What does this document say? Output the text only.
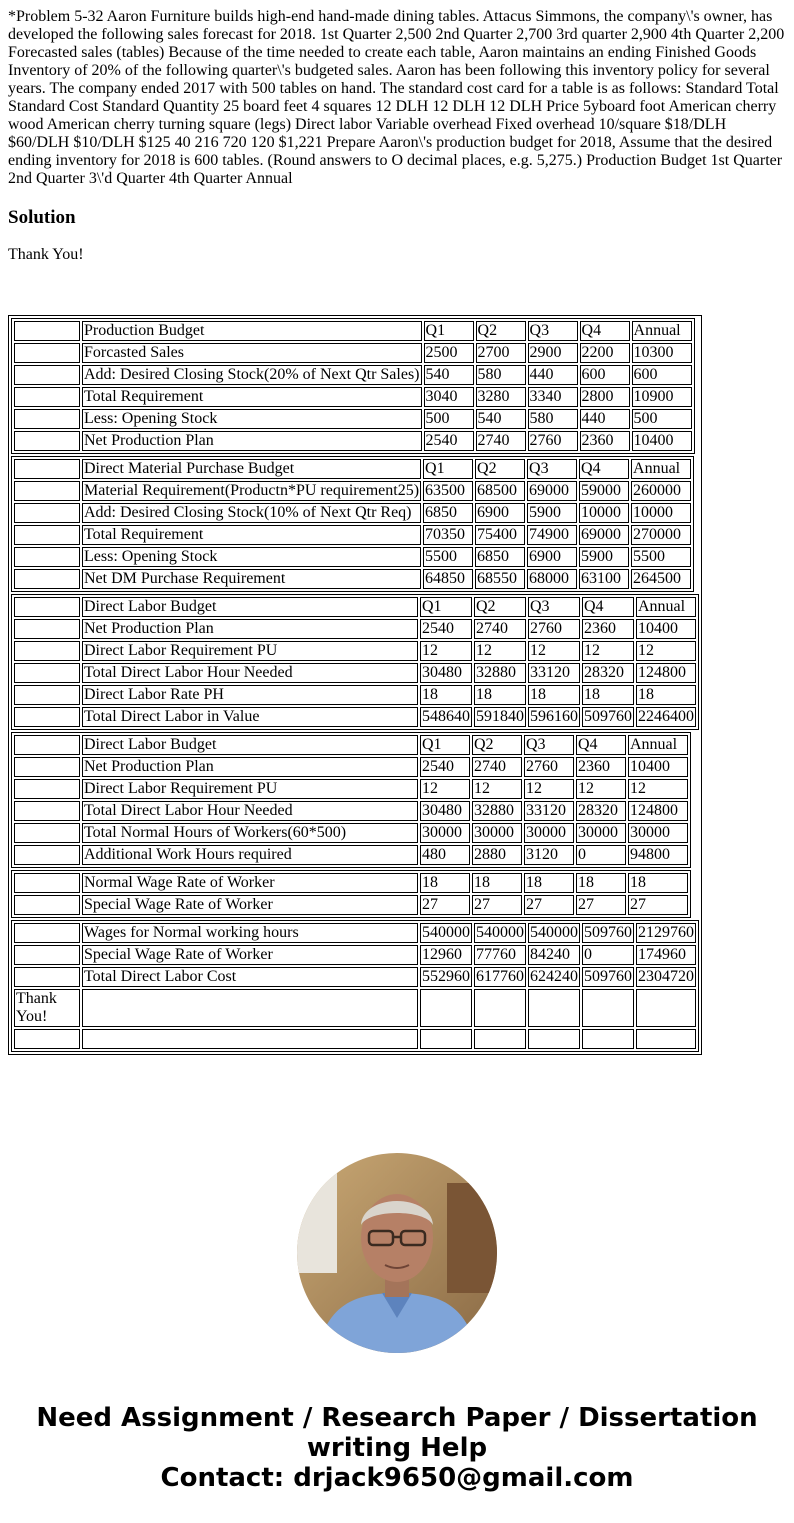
*Problem 5-32 Aaron Furniture builds high-end hand-made dining tables. Attacus Simmons, the company\'s owner, has developed the following sales forecast for 2018. 1st Quarter 2,500 2nd Quarter 2,700 3rd quarter 2,900 4th Quarter 2,200 Forecasted sales (tables) Because of the time needed to create each table, Aaron maintains an ending Finished Goods Inventory of 20% of the following quarter\'s budgeted sales. Aaron has been following this inventory policy for several years. The company ended 2017 with 500 tables on hand. The standard cost card for a table is as follows: Standard Total Standard Cost Standard Quantity 25 board feet 4 squares 12 DLH 12 DLH 12 DLH Price 5yboard foot American cherry wood American cherry turning square (legs) Direct labor Variable overhead Fixed overhead 10/square $18/DLH $60/DLH $10/DLH $125 40 216 720 120 $1,221 Prepare Aaron\'s production budget for 2018, Assume that the desired ending inventory for 2018 is 600 tables. (Round answers to O decimal places, e.g. 5,275.) Production Budget 1st Quarter 2nd Quarter 3\'d Quarter 4th Quarter Annual
Solution
Thank You!
	Production Budget	Q1	Q2	Q3	Q4	Annual
	Forcasted Sales	2500	2700	2900	2200	10300
	Add: Desired Closing Stock(20% of Next Qtr Sales)	540	580	440	600	600
	Total Requirement	3040	3280	3340	2800	10900
	Less: Opening Stock	500	540	580	440	500
	Net Production Plan	2540	2740	2760	2360	10400

	Direct Material Purchase Budget	Q1	Q2	Q3	Q4	Annual
	Material Requirement(Productn*PU requirement25)	63500	68500	69000	59000	260000
	Add: Desired Closing Stock(10% of Next Qtr Req)	6850	6900	5900	10000	10000
	Total Requirement	70350	75400	74900	69000	270000
	Less: Opening Stock	5500	6850	6900	5900	5500
	Net DM Purchase Requirement	64850	68550	68000	63100	264500

	Direct Labor Budget	Q1	Q2	Q3	Q4	Annual
	Net Production Plan	2540	2740	2760	2360	10400
	Direct Labor Requirement PU	12	12	12	12	12
	Total Direct Labor Hour Needed	30480	32880	33120	28320	124800
	Direct Labor Rate PH	18	18	18	18	18
	Total Direct Labor in Value	548640	591840	596160	509760	2246400

	Direct Labor Budget	Q1	Q2	Q3	Q4	Annual
	Net Production Plan	2540	2740	2760	2360	10400
	Direct Labor Requirement PU	12	12	12	12	12
	Total Direct Labor Hour Needed	30480	32880	33120	28320	124800
	Total Normal Hours of Workers(60*500)	30000	30000	30000	30000	30000
	Additional Work Hours required	480	2880	3120	0	94800

	Normal Wage Rate of Worker	18	18	18	18	18
	Special Wage Rate of Worker	27	27	27	27	27

	Wages for Normal working hours	540000	540000	540000	509760	2129760
	Special Wage Rate of Worker	12960	77760	84240	0	174960
	Total Direct Labor Cost	552960	617760	624240	509760	2304720
Thank You!						

Need Assignment / Research Paper / Dissertation writing Help
Contact: drjack9650@gmail.com
